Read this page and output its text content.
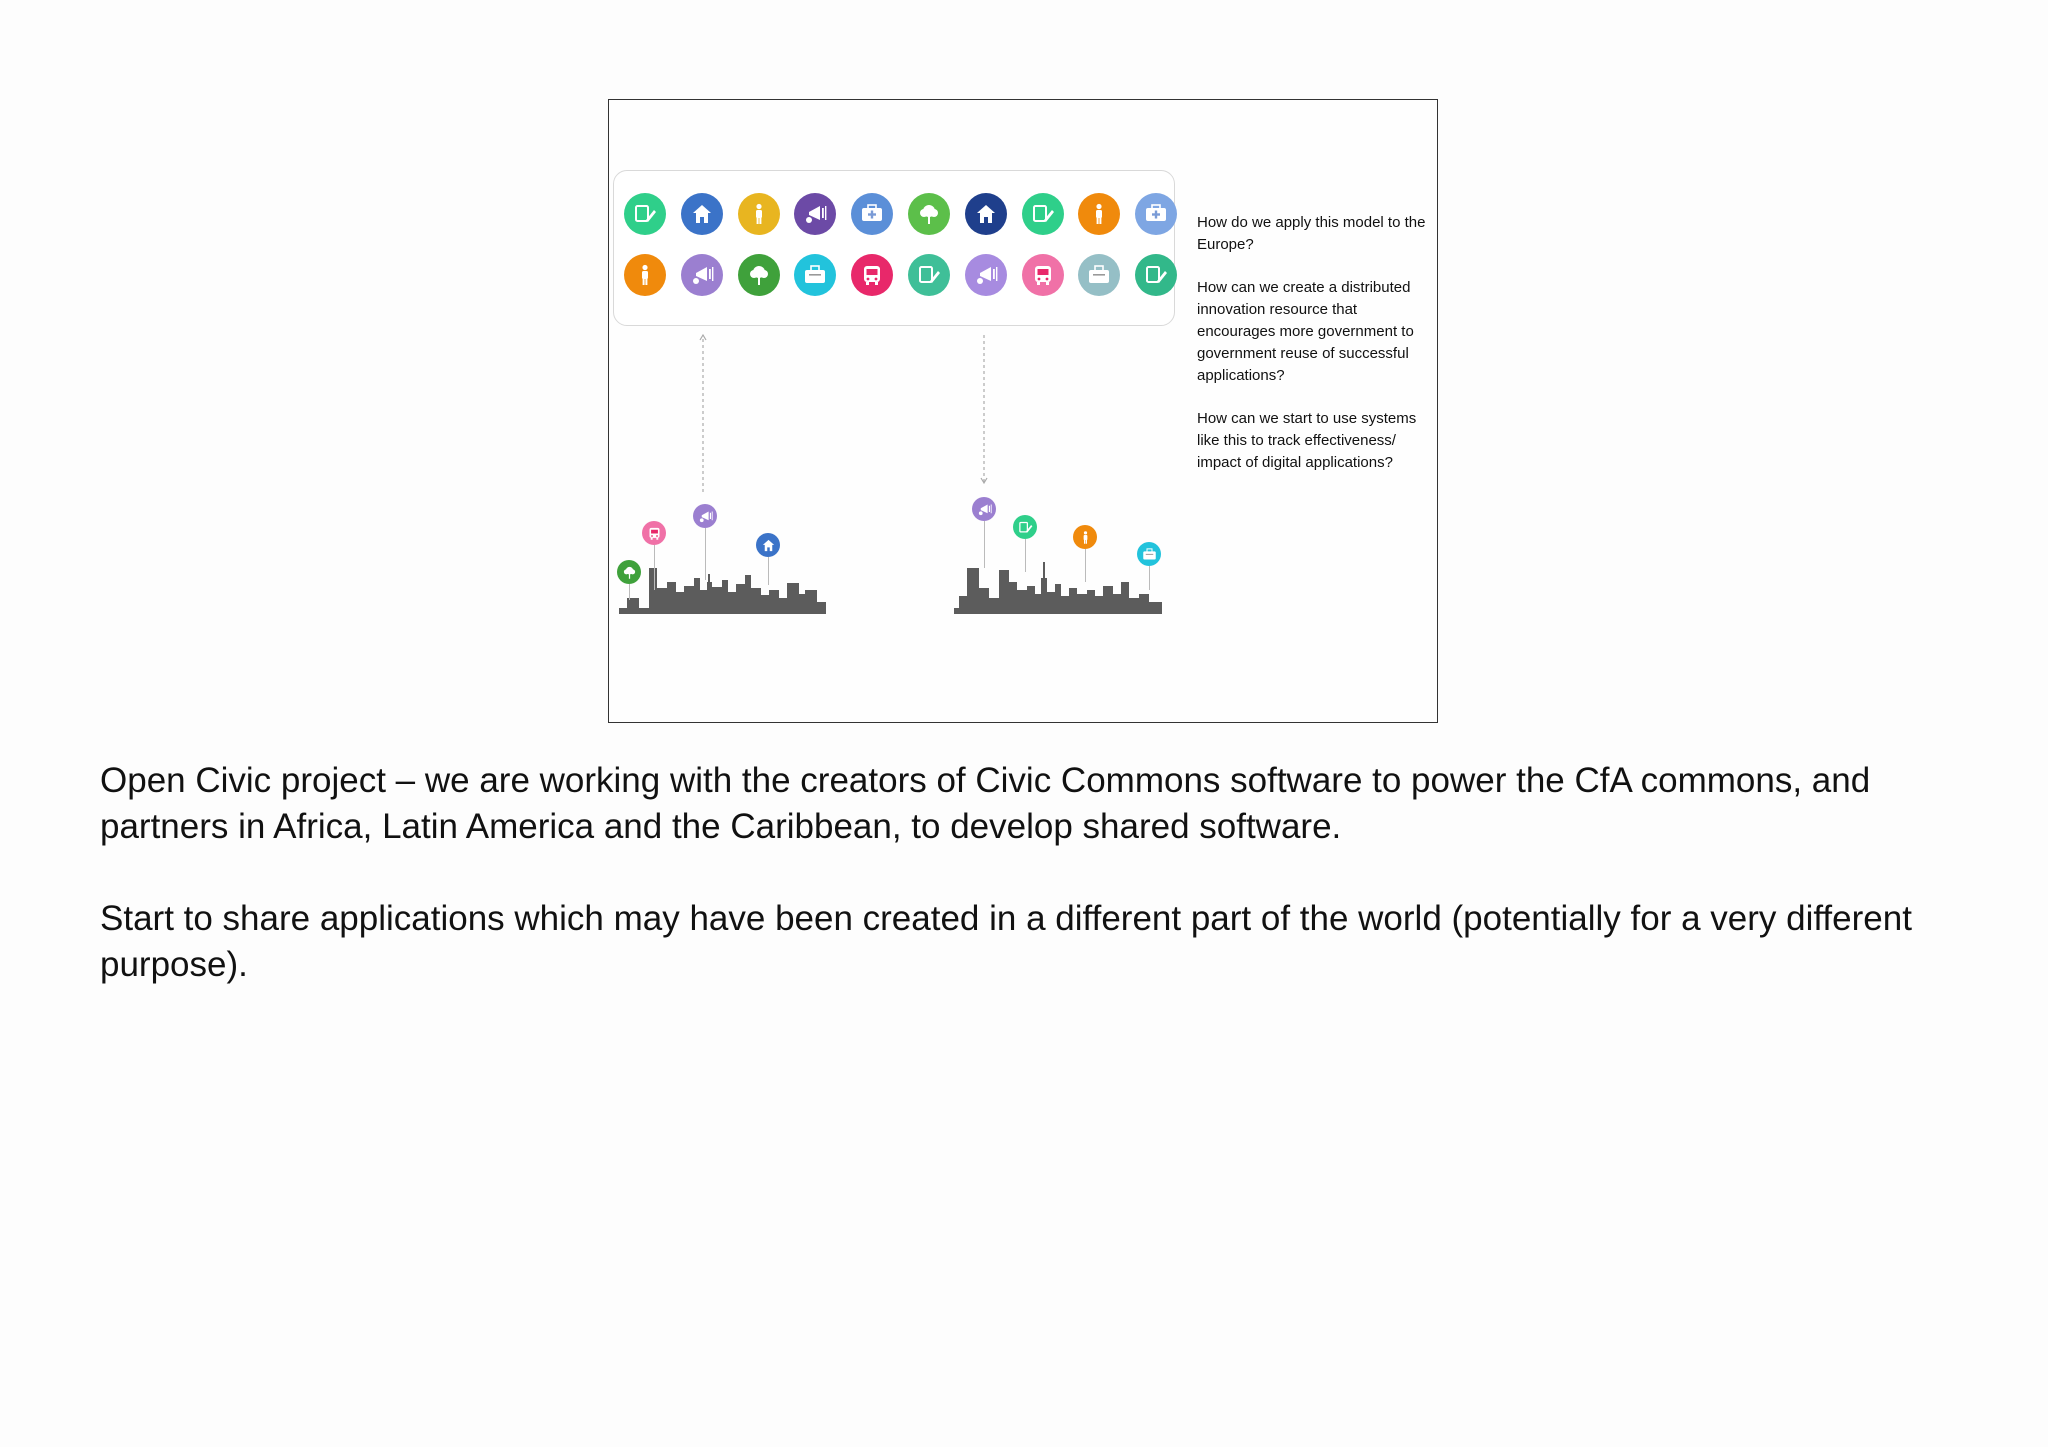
How do we apply this model to the Europe?

How can we create a distributed innovation resource that encourages more government to government reuse of successful applications?

How can we start to use systems like this to track effectiveness/ impact of digital applications?

Open Civic project – we are working with the creators of Civic Commons software to power the CfA commons, and partners in Africa, Latin America and the Caribbean, to develop shared software.

Start to share applications which may have been created in a different part of the world (potentially for a very different purpose).
